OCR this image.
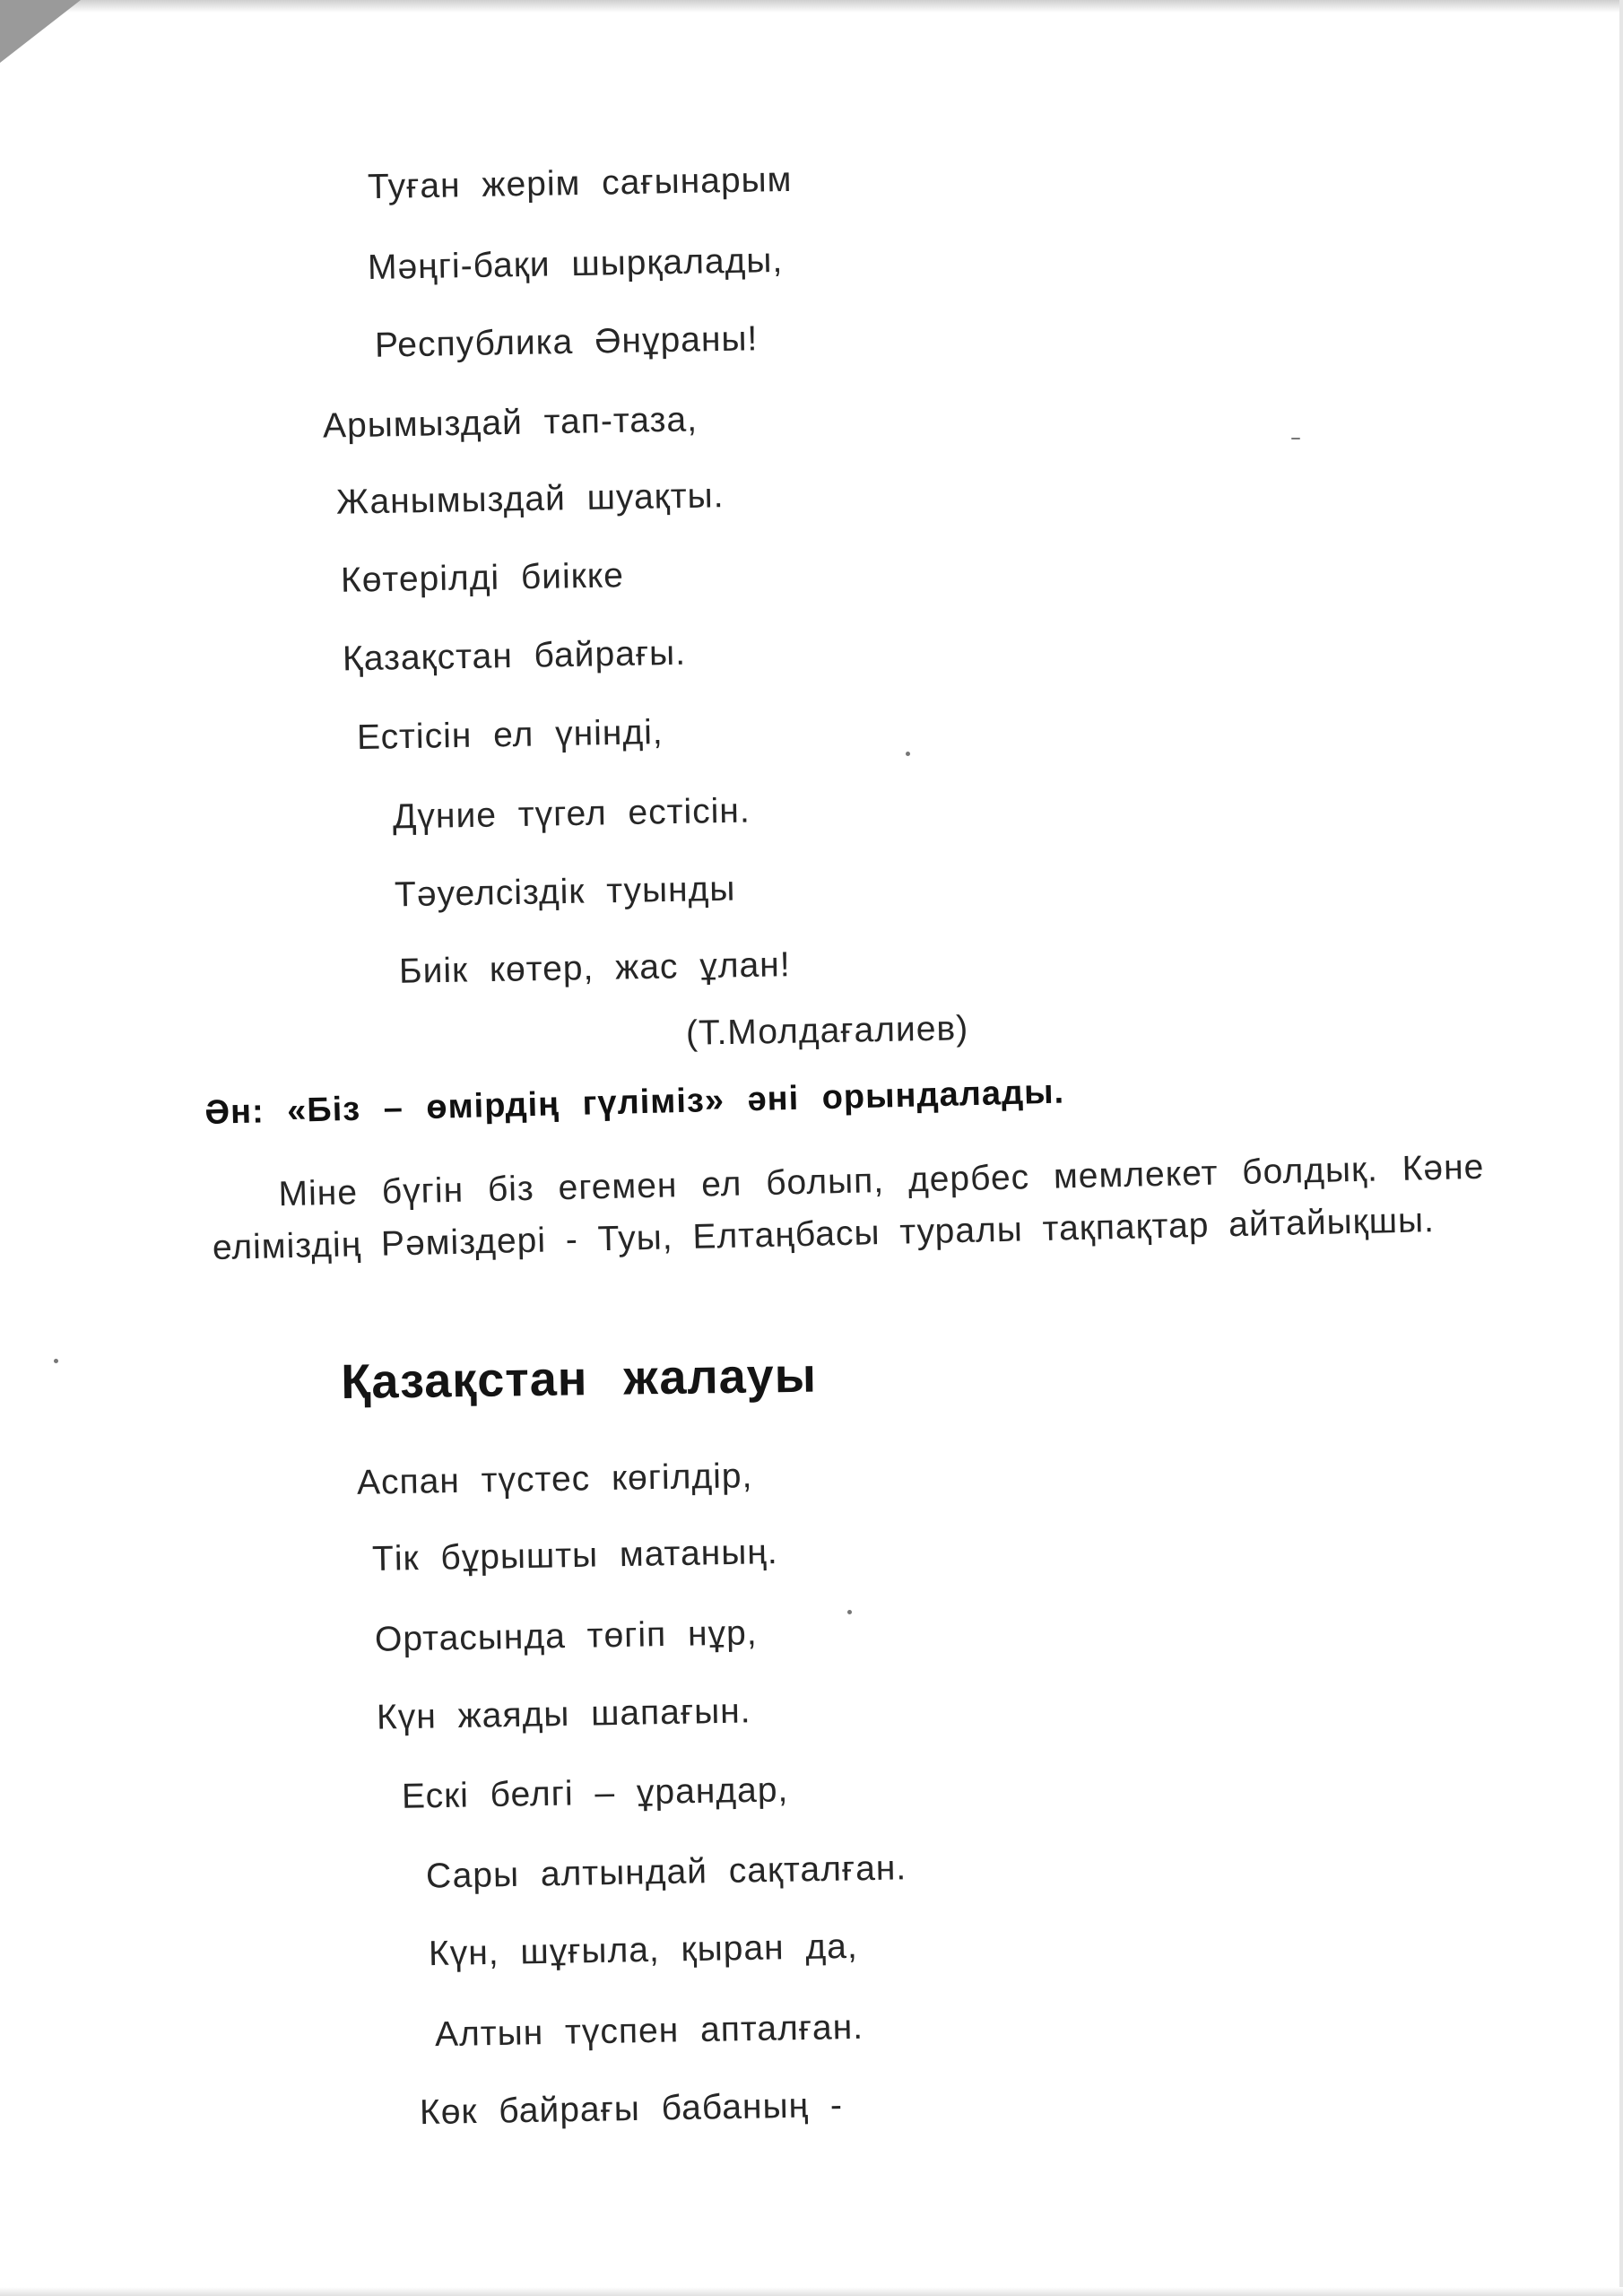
Туған жерім сағынарым
Мәңгі-бақи шырқалады,
Республика Әнұраны!
Арымыздай тап-таза,
Жанымыздай шуақты.
Көтерілді биікке
Қазақстан байрағы.
Естісін ел үнінді,
Дүние түгел естісін.
Тәуелсіздік туынды
Биік көтер, жас ұлан!
(Т.Молдағалиев)
Ән: «Біз – өмірдің гүліміз» әні орындалады.
Міне бүгін біз егемен ел болып, дербес мемлекет болдық. Кәне еліміздің Рәміздері - Туы, Елтаңбасы туралы тақпақтар айтайықшы.
Қазақстан жалауы
Аспан түстес көгілдір,
Тік бұрышты матаның.
Ортасында төгіп нұр,
Күн жаяды шапағын.
Ескі белгі – ұрандар,
Сары алтындай сақталған.
Күн, шұғыла, қыран да,
Алтын түспен апталған.
Көк байрағы бабаның -
